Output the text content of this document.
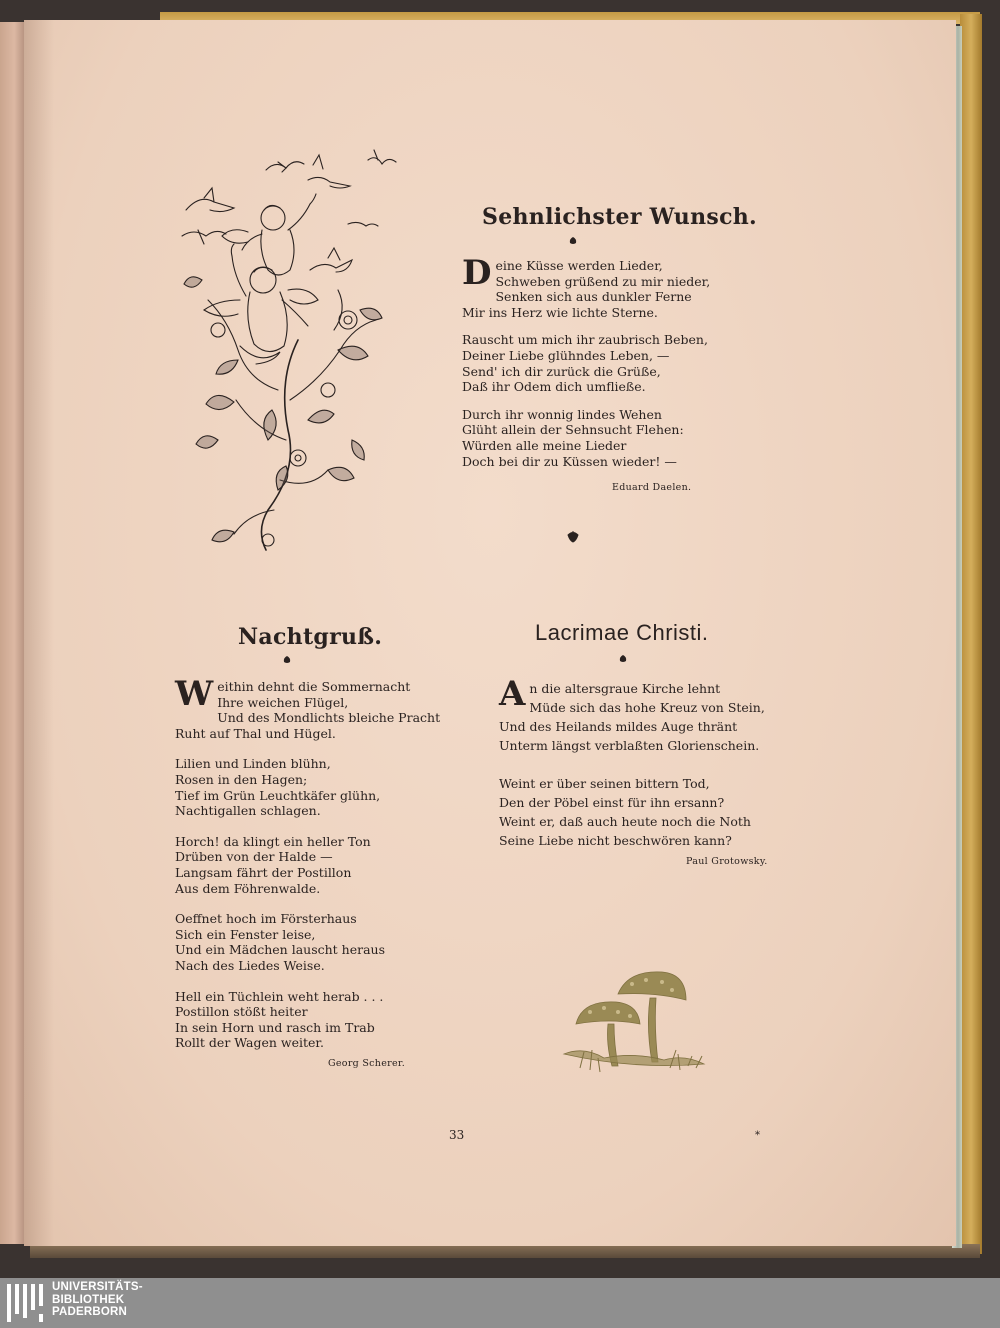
Sehnlichster Wunsch.
D eine Küsse werden Lieder,
Schweben grüßend zu mir nieder,
Senken sich aus dunkler Ferne
Mir ins Herz wie lichte Sterne.
Rauscht um mich ihr zaubrisch Beben,
Deiner Liebe glühndes Leben, —
Send' ich dir zurück die Grüße,
Daß ihr Odem dich umfließe.
Durch ihr wonnig lindes Wehen
Glüht allein der Sehnsucht Flehen:
Würden alle meine Lieder
Doch bei dir zu Küssen wieder! —
Eduard Daelen.
Nachtgruß.
W eithin dehnt die Sommernacht
Ihre weichen Flügel,
Und des Mondlichts bleiche Pracht
Ruht auf Thal und Hügel.
Lilien und Linden blühn,
Rosen in den Hagen;
Tief im Grün Leuchtkäfer glühn,
Nachtigallen schlagen.
Horch! da klingt ein heller Ton
Drüben von der Halde —
Langsam fährt der Postillon
Aus dem Föhrenwalde.
Oeffnet hoch im Försterhaus
Sich ein Fenster leise,
Und ein Mädchen lauscht heraus
Nach des Liedes Weise.
Hell ein Tüchlein weht herab . . .
Postillon stößt heiter
In sein Horn und rasch im Trab
Rollt der Wagen weiter.
Georg Scherer.
Lacrimae Christi.
A n die altersgraue Kirche lehnt
Müde sich das hohe Kreuz von Stein,
Und des Heilands mildes Auge thränt
Unterm längst verblaßten Glorienschein.
Weint er über seinen bittern Tod,
Den der Pöbel einst für ihn ersann?
Weint er, daß auch heute noch die Noth
Seine Liebe nicht beschwören kann?
Paul Grotowsky.
33	*
UNIVERSITÄTS-
BIBLIOTHEK
PADERBORN
